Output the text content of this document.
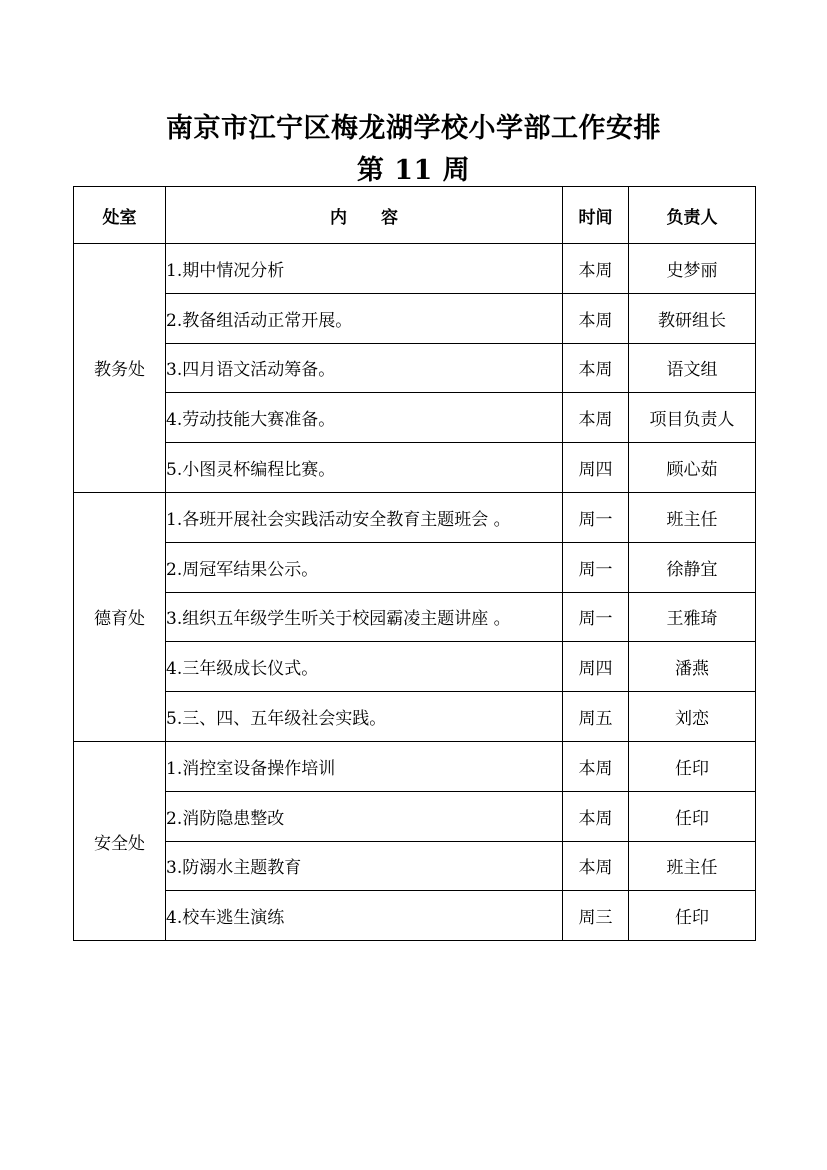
南京市江宁区梅龙湖学校小学部工作安排
第 11 周
处室	内　　容	时间	负责人
教务处	1.期中情况分析	本周	史梦丽
	2.教备组活动正常开展。	本周	教研组长
	3.四月语文活动筹备。	本周	语文组
	4.劳动技能大赛准备。	本周	项目负责人
	5.小图灵杯编程比赛。	周四	顾心茹
德育处	1.各班开展社会实践活动安全教育主题班会 。	周一	班主任
	2.周冠军结果公示。	周一	徐静宜
	3.组织五年级学生听关于校园霸凌主题讲座 。	周一	王雅琦
	4.三年级成长仪式。	周四	潘燕
	5.三、四、五年级社会实践。	周五	刘恋
安全处	1.消控室设备操作培训	本周	任印
	2.消防隐患整改	本周	任印
	3.防溺水主题教育	本周	班主任
	4.校车逃生演练	周三	任印
